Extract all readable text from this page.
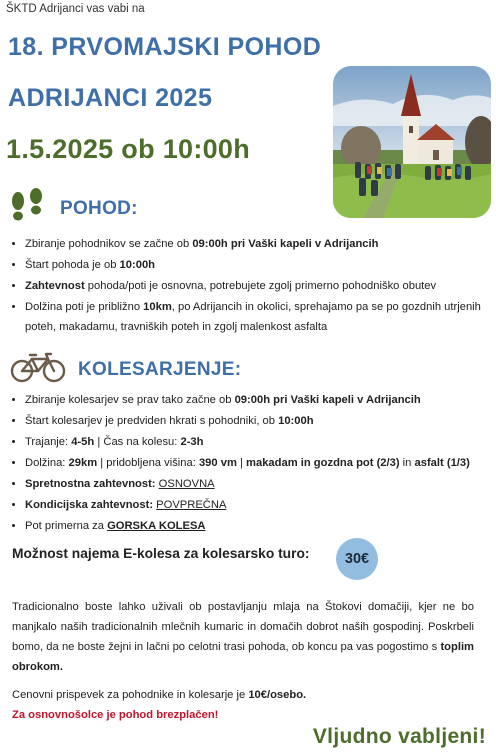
ŠKTD Adrijanci vas vabi na
18. PRVOMAJSKI POHOD
ADRIJANCI 2025
1.5.2025 ob 10:00h
POHOD:
• Zbiranje pohodnikov se začne ob 09:00h pri Vaški kapeli v Adrijancih
• Štart pohoda je ob 10:00h
• Zahtevnost pohoda/poti je osnovna, potrebujete zgolj primerno pohodniško obutev
• Dolžina poti je približno 10km, po Adrijancih in okolici, sprehajamo pa se po gozdnih utrjenih poteh, makadamu, travniških poteh in zgolj malenkost asfalta
KOLESARJENJE:
• Zbiranje kolesarjev se prav tako začne ob 09:00h pri Vaški kapeli v Adrijancih
• Štart kolesarjev je predviden hkrati s pohodniki, ob 10:00h
• Trajanje: 4-5h | Čas na kolesu: 2-3h
• Dolžina: 29km | pridobljena višina: 390 vm | makadam in gozdna pot (2/3) in asfalt (1/3)
• Spretnostna zahtevnost: OSNOVNA
• Kondicijska zahtevnost: POVPREČNA
• Pot primerna za GORSKA KOLESA
Možnost najema E-kolesa za kolesarsko turo:	30€
Tradicionalno boste lahko uživali ob postavljanju mlaja na Štokovi domačiji, kjer ne bo manjkalo naših tradicionalnih mlečnih kumaric in domačih dobrot naših gospodinj. Poskrbeli bomo, da ne boste žejni in lačni po celotni trasi pohoda, ob koncu pa vas pogostimo s toplim obrokom.
Cenovni prispevek za pohodnike in kolesarje je 10€/osebo.
Za osnovnošolce je pohod brezplačen!
Vljudno vabljeni!
